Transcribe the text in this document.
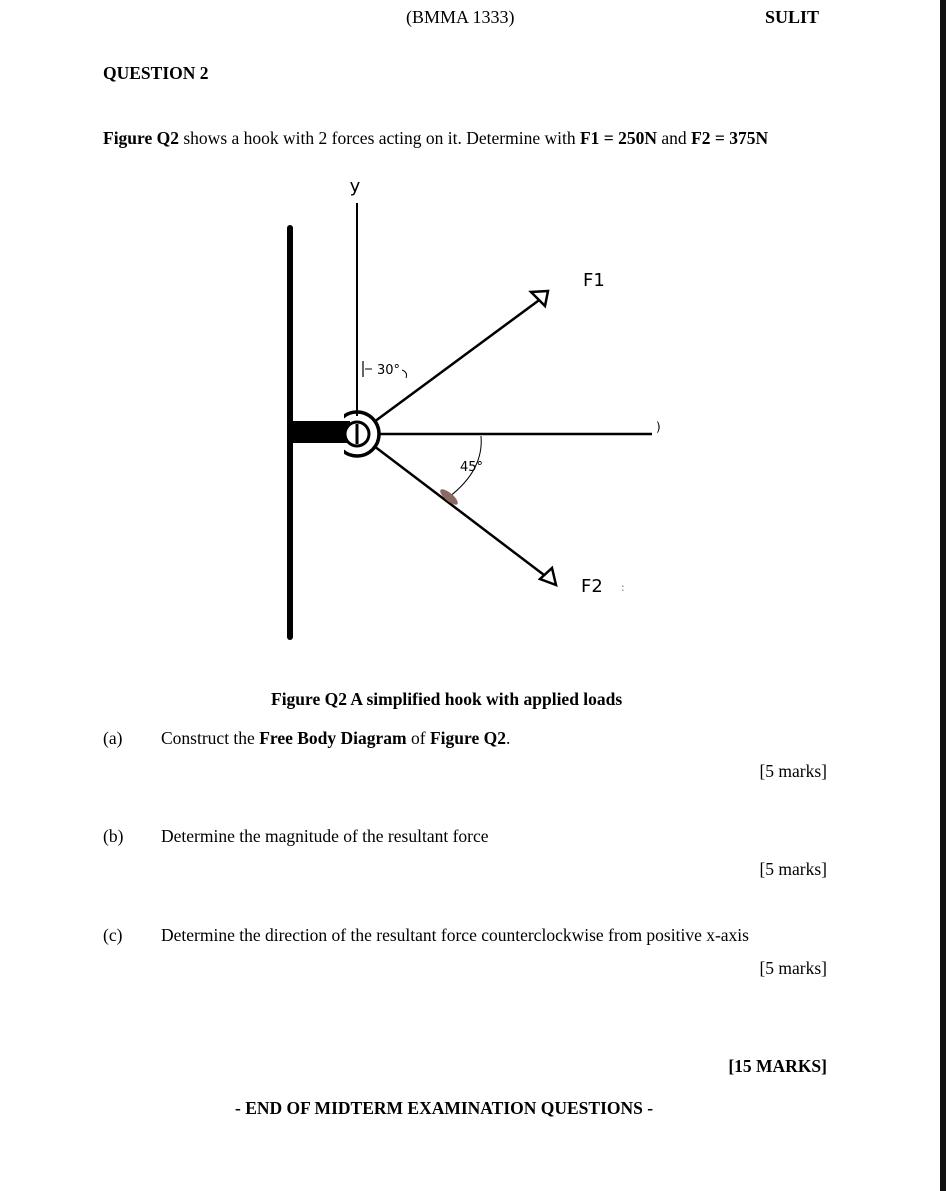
(BMMA 1333)	SULIT
QUESTION 2
Figure Q2 shows a hook with 2 forces acting on it. Determine with F1 = 250N and F2 = 375N
y
)
F1
F2 :
30°
45°
Figure Q2 A simplified hook with applied loads
(a) Construct the Free Body Diagram of Figure Q2.
[5 marks]
(b) Determine the magnitude of the resultant force
[5 marks]
(c) Determine the direction of the resultant force counterclockwise from positive x-axis
[5 marks]
[15 MARKS]
- END OF MIDTERM EXAMINATION QUESTIONS -
